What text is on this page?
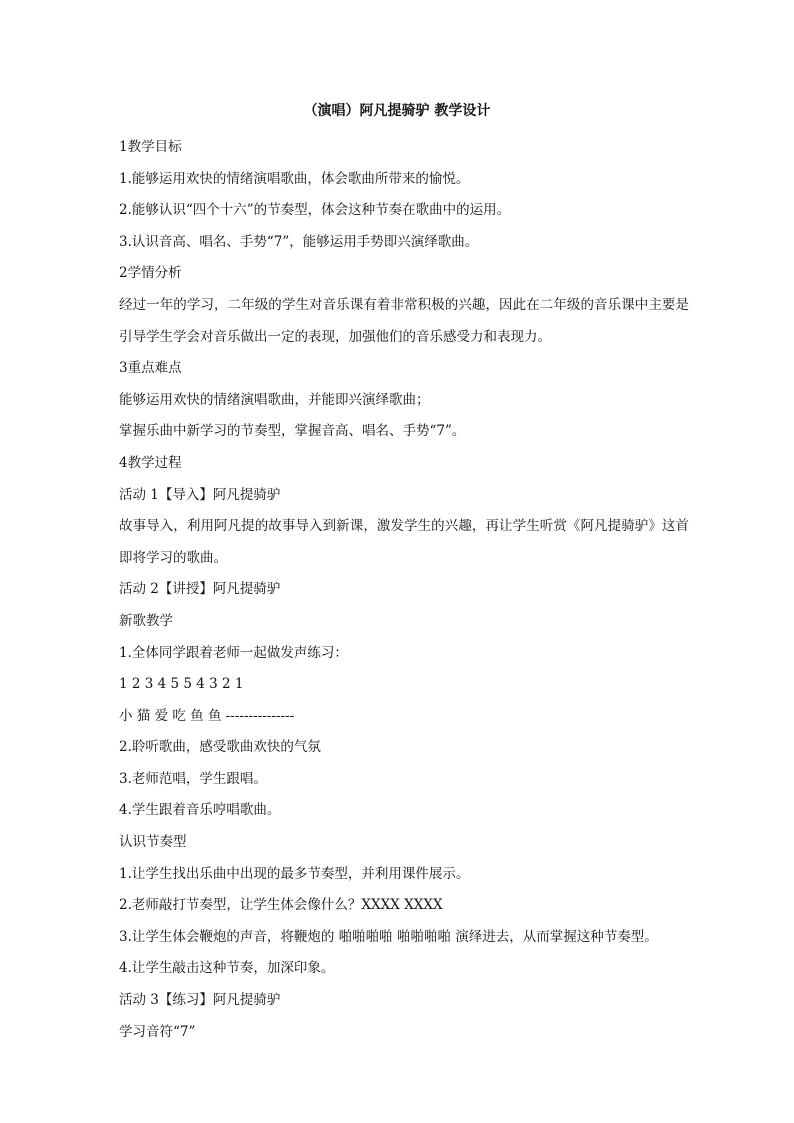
（演唱）阿凡提骑驴 教学设计
1教学目标
1.能够运用欢快的情绪演唱歌曲，体会歌曲所带来的愉悦。
2.能够认识“四个十六”的节奏型，体会这种节奏在歌曲中的运用。
3.认识音高、唱名、手势“7”，能够运用手势即兴演绎歌曲。
2学情分析
经过一年的学习，二年级的学生对音乐课有着非常积极的兴趣，因此在二年级的音乐课中主要是引导学生学会对音乐做出一定的表现，加强他们的音乐感受力和表现力。
3重点难点
能够运用欢快的情绪演唱歌曲，并能即兴演绎歌曲；
掌握乐曲中新学习的节奏型，掌握音高、唱名、手势“7”。
4教学过程
活动 1【导入】阿凡提骑驴
故事导入，利用阿凡提的故事导入到新课，激发学生的兴趣，再让学生听赏《阿凡提骑驴》这首即将学习的歌曲。
活动 2【讲授】阿凡提骑驴
新歌教学
1.全体同学跟着老师一起做发声练习：
1 2 3 4 5 5 4 3 2 1
小 猫 爱 吃 鱼 鱼 ---------------
2.聆听歌曲，感受歌曲欢快的气氛
3.老师范唱，学生跟唱。
4.学生跟着音乐哼唱歌曲。
认识节奏型
1.让学生找出乐曲中出现的最多节奏型，并利用课件展示。
2.老师敲打节奏型，让学生体会像什么？XXXX XXXX
3.让学生体会鞭炮的声音，将鞭炮的 啪啪啪啪 啪啪啪啪 演绎进去，从而掌握这种节奏型。
4.让学生敲击这种节奏，加深印象。
活动 3【练习】阿凡提骑驴
学习音符“7”
